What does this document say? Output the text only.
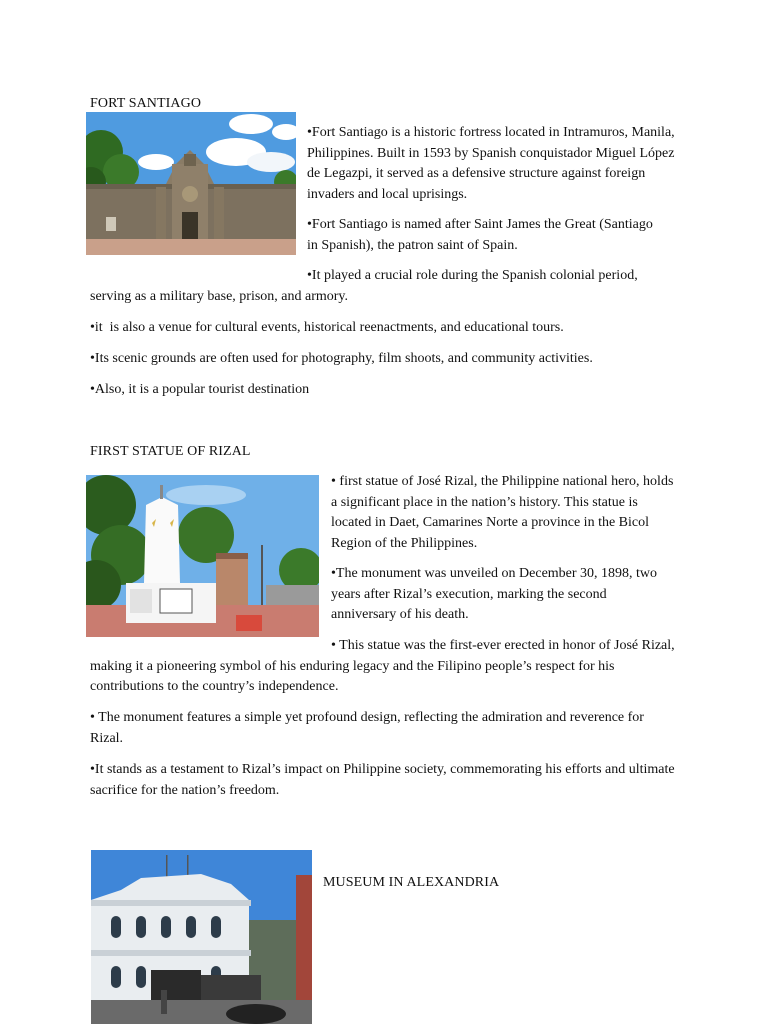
FORT SANTIAGO
•Fort Santiago is a historic fortress located in Intramuros, Manila, Philippines. Built in 1593 by Spanish conquistador Miguel López de Legazpi, it served as a defensive structure against foreign invaders and local uprisings.
•Fort Santiago is named after Saint James the Great (Santiago in Spanish), the patron saint of Spain.
•It played a crucial role during the Spanish colonial period, serving as a military base, prison, and armory.
•it  is also a venue for cultural events, historical reenactments, and educational tours.
•Its scenic grounds are often used for photography, film shoots, and community activities.
•Also, it is a popular tourist destination
FIRST STATUE OF RIZAL
• first statue of José Rizal, the Philippine national hero, holds a significant place in the nation’s history. This statue is located in Daet, Camarines Norte a province in the Bicol Region of the Philippines.
•The monument was unveiled on December 30, 1898, two years after Rizal’s execution, marking the second anniversary of his death.
• This statue was the first-ever erected in honor of José Rizal, making it a pioneering symbol of his enduring legacy and the Filipino people’s respect for his contributions to the country’s independence.
• The monument features a simple yet profound design, reflecting the admiration and reverence for Rizal.
•It stands as a testament to Rizal’s impact on Philippine society, commemorating his efforts and ultimate sacrifice for the nation’s freedom.
MUSEUM IN ALEXANDRIA
